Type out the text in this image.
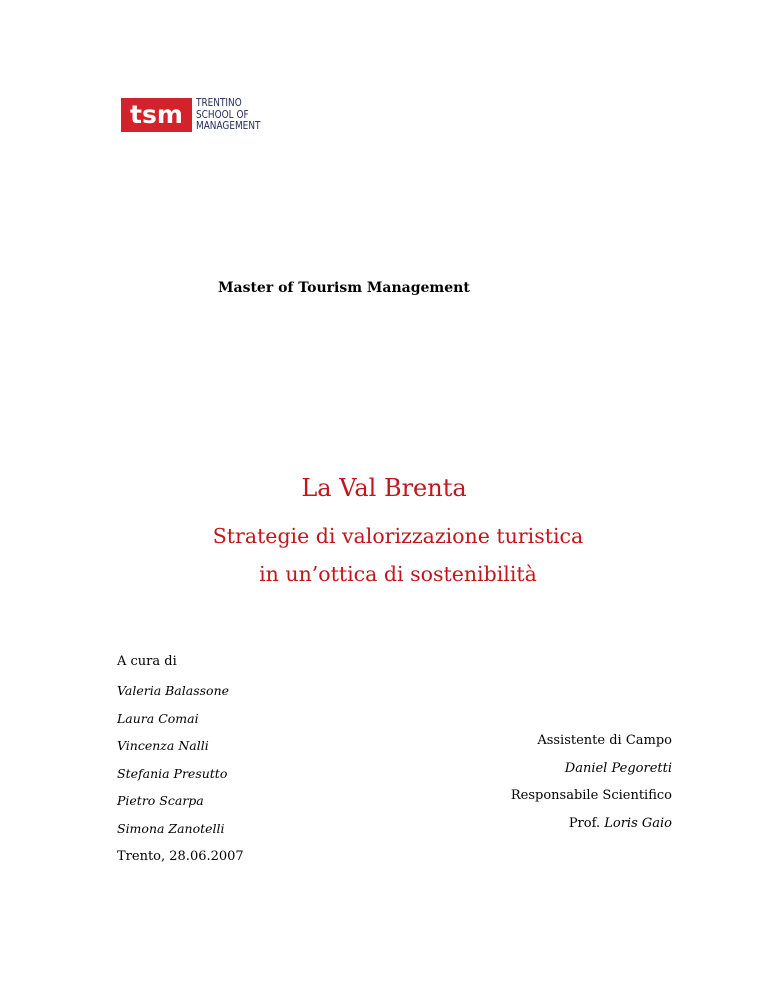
tsm	TRENTINO
SCHOOL OF
MANAGEMENT
Master of Tourism Management
La Val Brenta
Strategie di valorizzazione turistica
in un’ottica di sostenibilità
A cura di
Valeria Balassone
Laura Comai
Vincenza Nalli
Stefania Presutto
Pietro Scarpa
Simona Zanotelli
Assistente di Campo
Daniel Pegoretti
Responsabile Scientifico
Prof. Loris Gaio
Trento, 28.06.2007
